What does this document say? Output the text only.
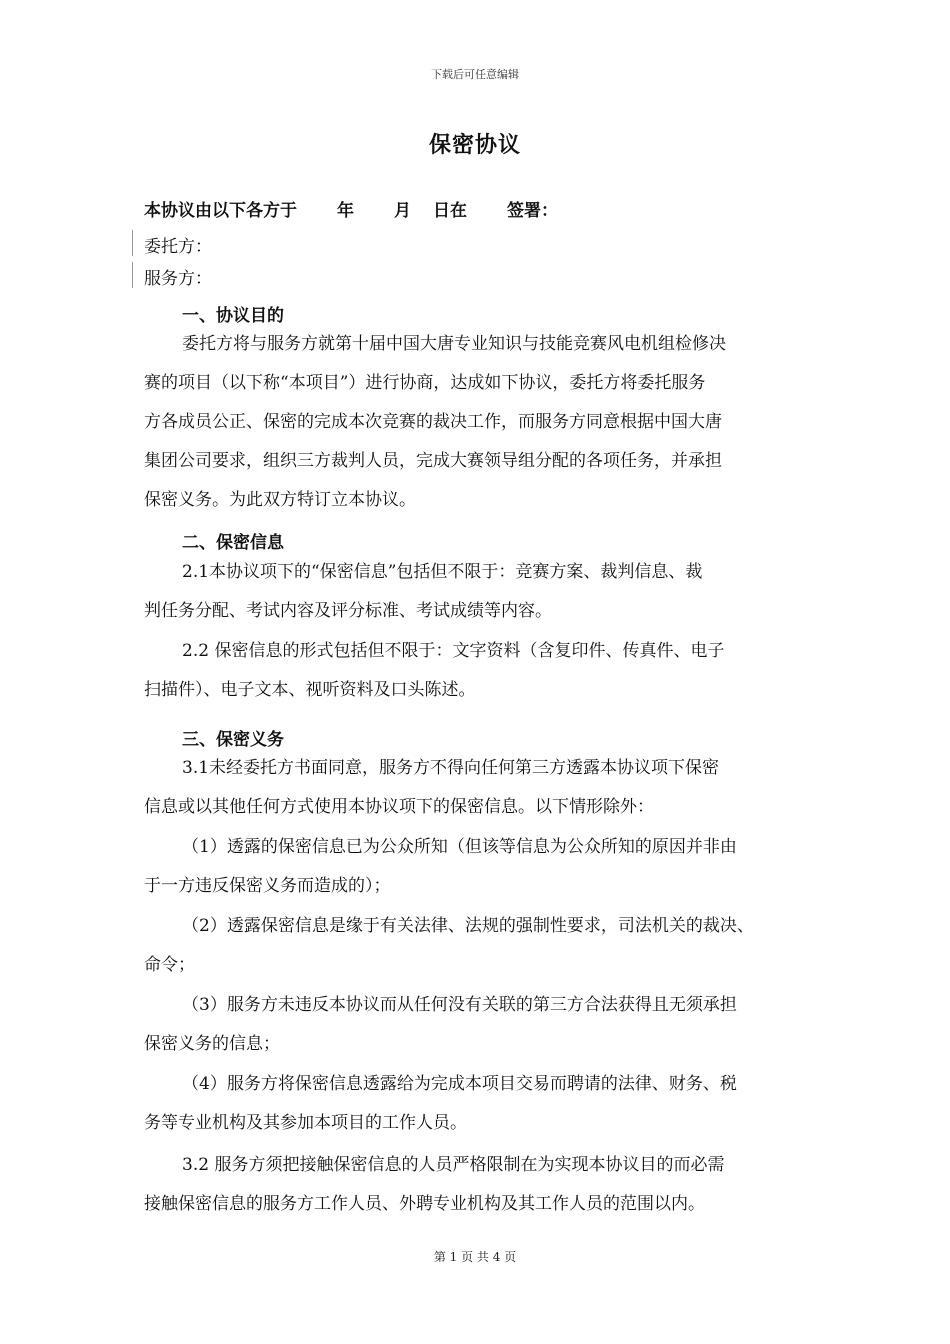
下载后可任意编辑
保密协议
本协议由以下各方于 年 月 日在 签署：
委托方：
服务方：
一、协议目的
委托方将与服务方就第十届中国大唐专业知识与技能竞赛风电机组检修决
赛的项目（以下称“本项目”）进行协商，达成如下协议，委托方将委托服务
方各成员公正、保密的完成本次竞赛的裁决工作，而服务方同意根据中国大唐
集团公司要求，组织三方裁判人员，完成大赛领导组分配的各项任务，并承担
保密义务。为此双方特订立本协议。
二、保密信息
2.1本协议项下的“保密信息”包括但不限于：竞赛方案、裁判信息、裁
判任务分配、考试内容及评分标准、考试成绩等内容。
2.2 保密信息的形式包括但不限于：文字资料（含复印件、传真件、电子
扫描件）、电子文本、视听资料及口头陈述。
三、保密义务
3.1未经委托方书面同意，服务方不得向任何第三方透露本协议项下保密
信息或以其他任何方式使用本协议项下的保密信息。以下情形除外：
（1）透露的保密信息已为公众所知（但该等信息为公众所知的原因并非由
于一方违反保密义务而造成的）；
（2）透露保密信息是缘于有关法律、法规的强制性要求，司法机关的裁决、
命令；
（3）服务方未违反本协议而从任何没有关联的第三方合法获得且无须承担
保密义务的信息；
（4）服务方将保密信息透露给为完成本项目交易而聘请的法律、财务、税
务等专业机构及其参加本项目的工作人员。
3.2 服务方须把接触保密信息的人员严格限制在为实现本协议目的而必需
接触保密信息的服务方工作人员、外聘专业机构及其工作人员的范围以内。
第 1 页 共 4 页
